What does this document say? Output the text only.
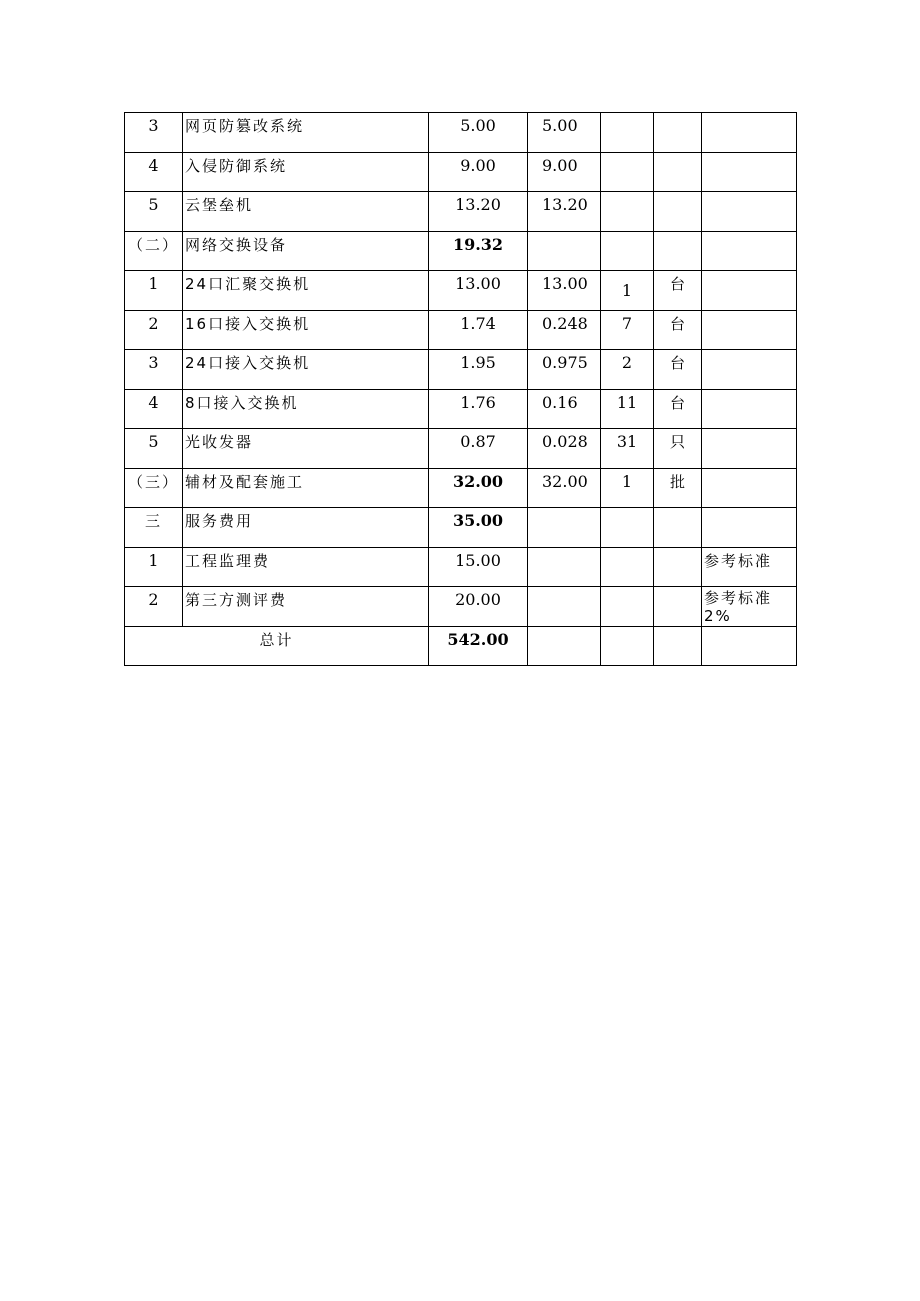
3	网页防篡改系统	5.00	5.00			

4	入侵防御系统	9.00	9.00			

5	云堡垒机	13.20	13.20			

（二）	网络交换设备	19.32				

1	24口汇聚交换机	13.00	13.00	1	台	

2	16口接入交换机	1.74	0.248	7	台	

3	24口接入交换机	1.95	0.975	2	台	

4	8口接入交换机	1.76	0.16	11	台	

5	光收发器	0.87	0.028	31	只	

（三）	辅材及配套施工	32.00	32.00	1	批	

三	服务费用	35.00				

1	工程监理费	15.00				参考标准

2	第三方测评费	20.00				参考标准2%

总计		542.00				
